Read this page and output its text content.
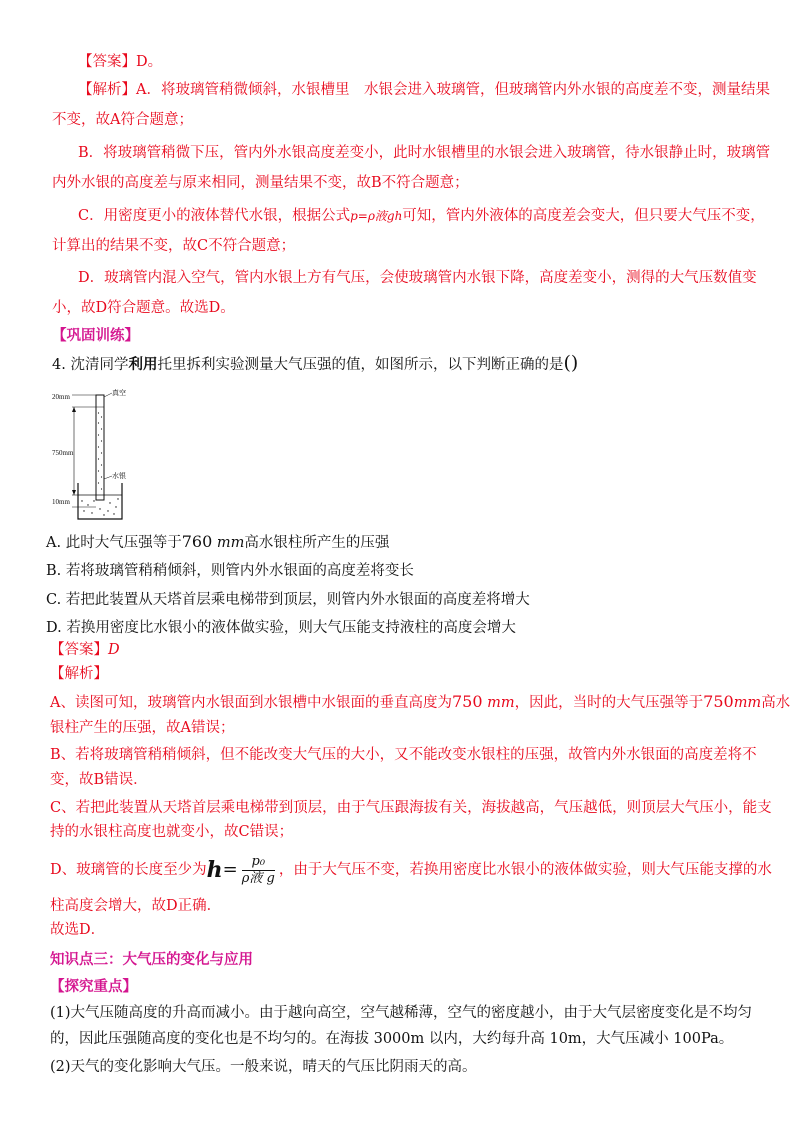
【答案】D。
【解析】A．将玻璃管稍微倾斜，水银槽里　水银会进入玻璃管，但玻璃管内外水银的高度差不变，测量结果
不变，故A符合题意；
B．将玻璃管稍微下压，管内外水银高度差变小，此时水银槽里的水银会进入玻璃管，待水银静止时，玻璃管
内外水银的高度差与原来相同，测量结果不变，故B不符合题意；
C．用密度更小的液体替代水银，根据公式p=ρ液gh可知，管内外液体的高度差会变大，但只要大气压不变，
计算出的结果不变，故C不符合题意；
D．玻璃管内混入空气，管内水银上方有气压，会使玻璃管内水银下降，高度差变小，测得的大气压数值变
小，故D符合题意。故选D。
【巩固训练】
4. 沈清同学利用托里拆利实验测量大气压强的值，如图所示，以下判断正确的是()
20mm	真空
750mm
水银
10mm
A. 此时大气压强等于760 mm高水银柱所产生的压强
B. 若将玻璃管稍稍倾斜，则管内外水银面的高度差将变长
C. 若把此装置从天塔首层乘电梯带到顶层，则管内外水银面的高度差将增大
D. 若换用密度比水银小的液体做实验，则大气压能支持液柱的高度会增大
【答案】D
【解析】
A、读图可知，玻璃管内水银面到水银槽中水银面的垂直高度为750 mm，因此，当时的大气压强等于750mm高水
银柱产生的压强，故A错误；
B、若将玻璃管稍稍倾斜，但不能改变大气压的大小，又不能改变水银柱的压强，故管内外水银面的高度差将不
变，故B错误．
C、若把此装置从天塔首层乘电梯带到顶层，由于气压跟海拔有关，海拔越高，气压越低，则顶层大气压小，能支
持的水银柱高度也就变小，故C错误；
D、玻璃管的长度至少为$h= \frac{\text{p₀}}{\text{ρ液 g}}$ ，由于大气压不变，若换用密度比水银小的液体做实验，则大气压能支撑的水
柱高度会增大，故D正确．
故选D．
知识点三：大气压的变化与应用
【探究重点】
(1)大气压随高度的升高而减小。由于越向高空，空气越稀薄，空气的密度越小，由于大气层密度变化是不均匀
的，因此压强随高度的变化也是不均匀的。在海拔 3000m 以内，大约每升高 10m，大气压减小 100Pa。
(2)天气的变化影响大气压。一般来说，晴天的气压比阴雨天的高。
